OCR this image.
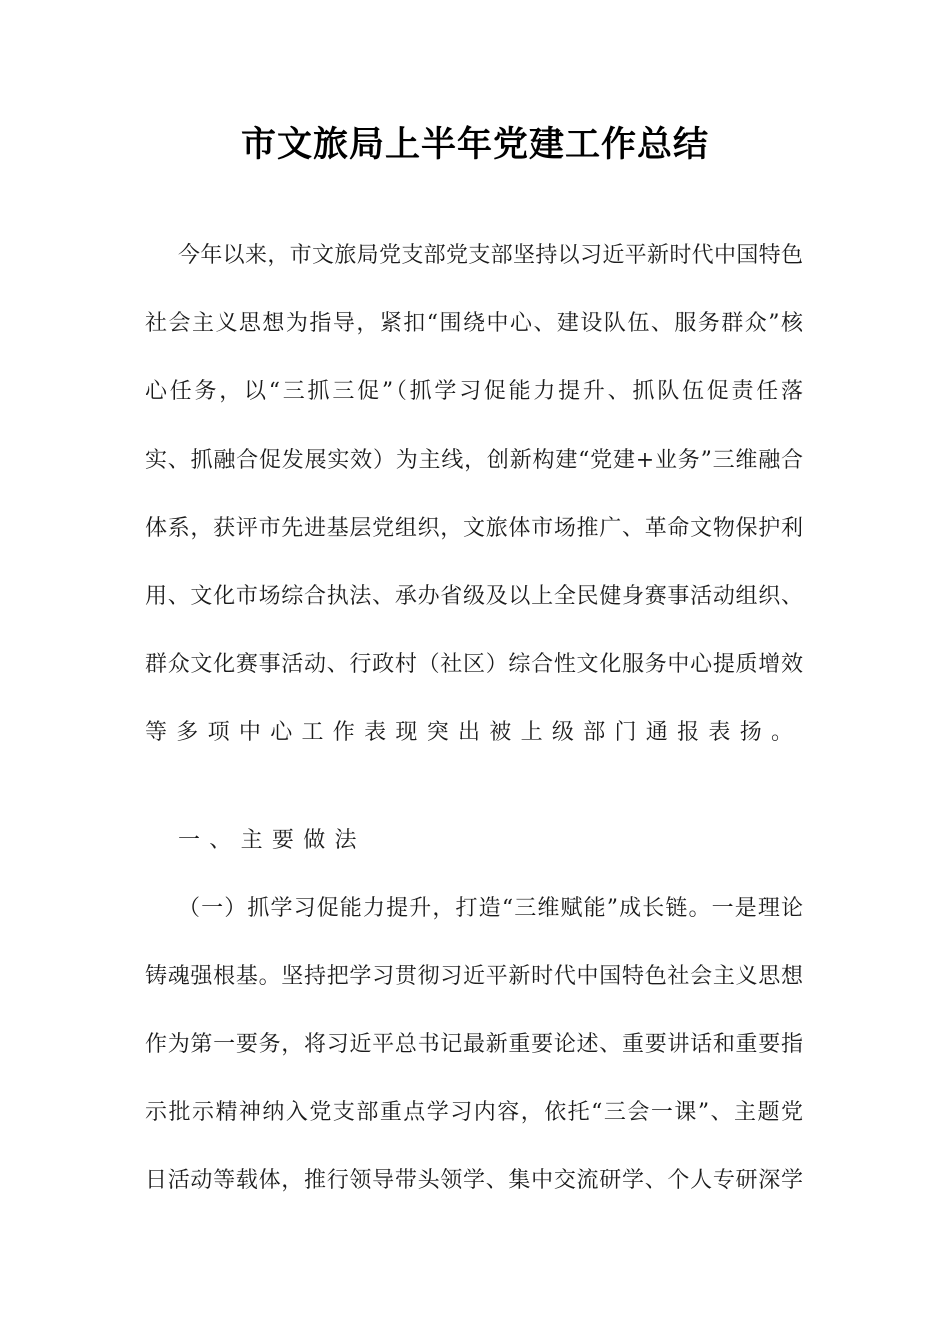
市文旅局上半年党建工作总结
今年以来，市文旅局党支部党支部坚持以习近平新时代中国特色
社会主义思想为指导，紧扣“围绕中心、建设队伍、服务群众”核
心任务，以“三抓三促”（抓学习促能力提升、抓队伍促责任落
实、抓融合促发展实效）为主线，创新构建“党建+业务”三维融合
体系，获评市先进基层党组织，文旅体市场推广、革命文物保护利
用、文化市场综合执法、承办省级及以上全民健身赛事活动组织、
群众文化赛事活动、行政村（社区）综合性文化服务中心提质增效
等多项中心工作表现突出被上级部门通报表扬。
一、主要做法
（一）抓学习促能力提升，打造“三维赋能”成长链。一是理论
铸魂强根基。坚持把学习贯彻习近平新时代中国特色社会主义思想
作为第一要务，将习近平总书记最新重要论述、重要讲话和重要指
示批示精神纳入党支部重点学习内容，依托“三会一课”、主题党
日活动等载体，推行领导带头领学、集中交流研学、个人专研深学
